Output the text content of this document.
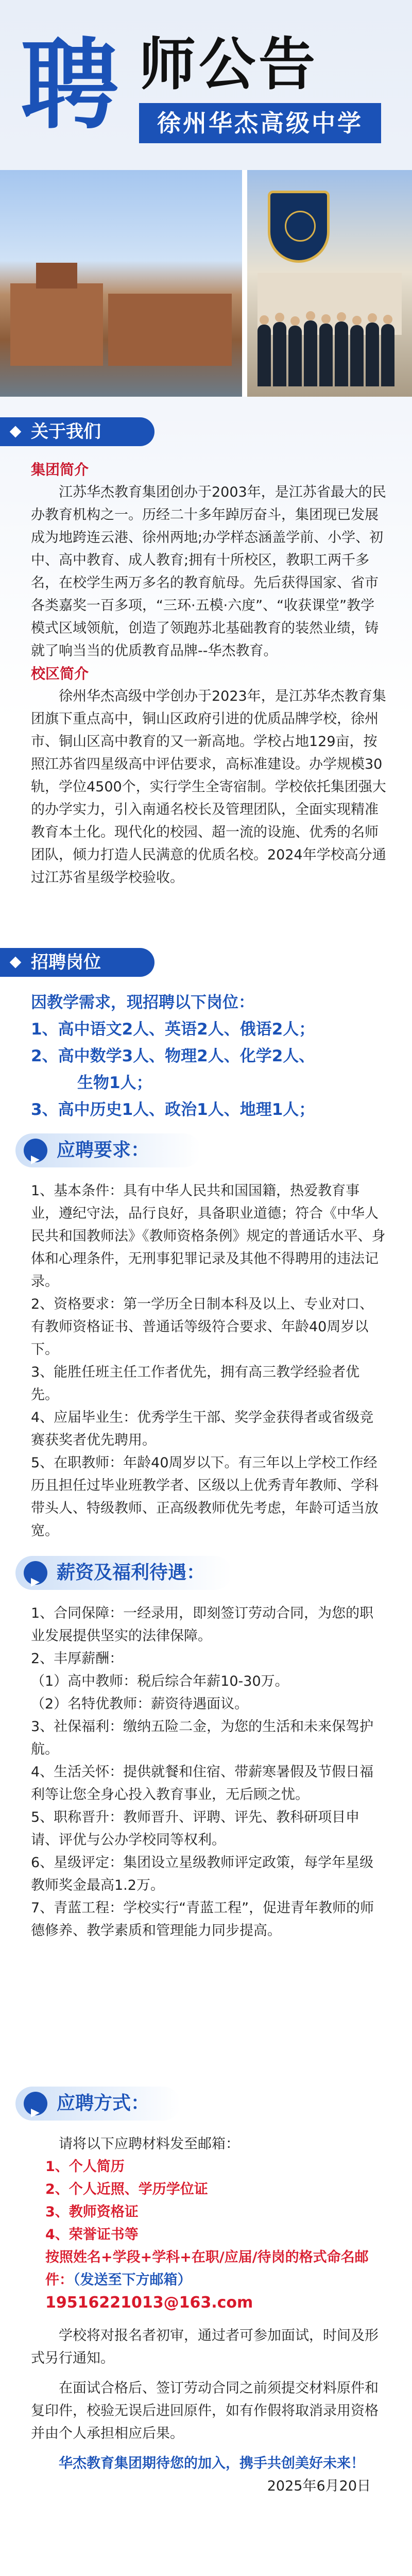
聘 师公告
徐州华杰高级中学
关于我们

集团简介

江苏华杰教育集团创办于2003年，是江苏省最大的民办教育机构之一。历经二十多年踔厉奋斗，集团现已发展成为地跨连云港、徐州两地;办学样态涵盖学前、小学、初中、高中教育、成人教育;拥有十所校区，教职工两千多名，在校学生两万多名的教育航母。先后获得国家、省市各类嘉奖一百多项，“三环·五模·六度”、“收获课堂”教学模式区域领航，创造了领跑苏北基础教育的装然业绩，铸就了响当当的优质教育品牌--华杰教育。

校区简介

徐州华杰高级中学创办于2023年，是江苏华杰教育集团旗下重点高中，铜山区政府引进的优质品牌学校，徐州市、铜山区高中教育的又一新高地。学校占地129亩，按照江苏省四星级高中评估要求，高标准建设。办学规模30轨，学位4500个，实行学生全寄宿制。学校依托集团强大的办学实力，引入南通名校长及管理团队，全面实现精准教育本土化。现代化的校园、超一流的设施、优秀的名师团队，倾力打造人民满意的优质名校。2024年学校高分通过江苏省星级学校验收。

招聘岗位

因教学需求，现招聘以下岗位：

1、高中语文2人、英语2人、俄语2人；

2、高中数学3人、物理2人、化学2人、

生物1人；

3、高中历史1人、政治1人、地理1人；

▶
应聘要求：

1、基本条件：具有中华人民共和国国籍，热爱教育事业，遵纪守法，品行良好，具备职业道德；符合《中华人民共和国教师法》《教师资格条例》规定的普通话水平、身体和心理条件，无刑事犯罪记录及其他不得聘用的违法记录。

2、资格要求：第一学历全日制本科及以上、专业对口、有教师资格证书、普通话等级符合要求、年龄40周岁以下。

3、能胜任班主任工作者优先，拥有高三教学经验者优先。

4、应届毕业生：优秀学生干部、奖学金获得者或省级竞赛获奖者优先聘用。

5、在职教师：年龄40周岁以下。有三年以上学校工作经历且担任过毕业班教学者、区级以上优秀青年教师、学科带头人、特级教师、正高级教师优先考虑，年龄可适当放宽。

▶
薪资及福利待遇：

1、合同保障：一经录用，即刻签订劳动合同，为您的职业发展提供坚实的法律保障。

2、丰厚薪酬：

（1）高中教师：税后综合年薪10-30万。

（2）名特优教师：薪资待遇面议。

3、社保福利：缴纳五险二金，为您的生活和未来保驾护航。

4、生活关怀：提供就餐和住宿、带薪寒暑假及节假日福利等让您全身心投入教育事业，无后顾之忧。

5、职称晋升：教师晋升、评聘、评先、教科研项目申请、评优与公办学校同等权利。

6、星级评定：集团设立星级教师评定政策，每学年星级教师奖金最高1.2万。

7、青蓝工程：学校实行“青蓝工程”，促进青年教师的师德修养、教学素质和管理能力同步提高。

▶
应聘方式：

请将以下应聘材料发至邮箱：

1、个人简历

2、个人近照、学历学位证

3、教师资格证

4、荣誉证书等

按照姓名+学段+学科+在职/应届/待岗的格式命名邮件：（发送至下方邮箱）

19516221013@163.com

学校将对报名者初审，通过者可参加面试，时间及形式另行通知。

在面试合格后、签订劳动合同之前须提交材料原件和复印件，校验无误后进回原件，如有作假将取消录用资格并由个人承担相应后果。

华杰教育集团期待您的加入，携手共创美好未来！

2025年6月20日
